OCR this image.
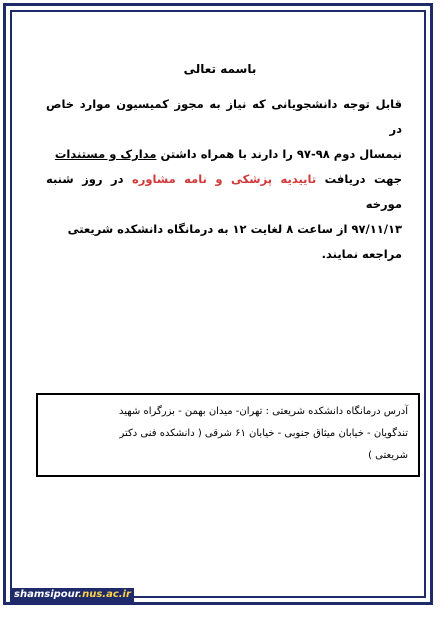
باسمه تعالی
قابل توجه دانشجویانی که نیاز به مجوز کمیسیون موارد خاص در
نیمسال دوم ۹۸-۹۷ را دارند با همراه داشتن مدارک و مستندات
جهت دریافت تاییدیه پزشکی و نامه مشاوره در روز شنبه مورخه
۹۷/۱۱/۱۳ از ساعت ۸ لغایت ۱۲ به درمانگاه دانشکده شریعتی
مراجعه نمایند.
آدرس درمانگاه دانشکده شریعتی : تهران- میدان بهمن - بزرگراه شهید
تندگویان - خیابان میثاق جنوبی - خیابان ۶۱ شرقی ( دانشکده فنی دکتر
شریعتی )
shamsipour.nus.ac.ir
